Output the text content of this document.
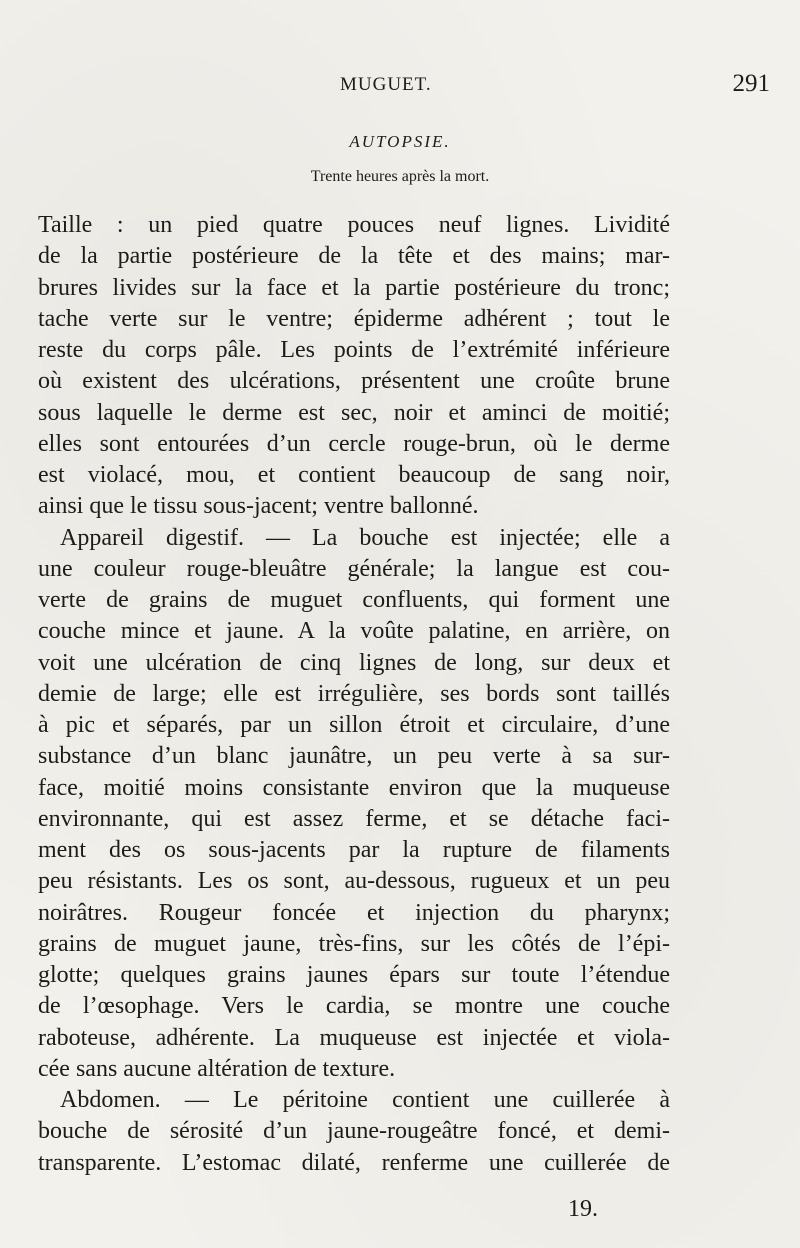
MUGUET.	291
AUTOPSIE.
Trente heures après la mort.
Taille : un pied quatre pouces neuf lignes. Lividité
de la partie postérieure de la tête et des mains; mar-
brures livides sur la face et la partie postérieure du tronc;
tache verte sur le ventre; épiderme adhérent ; tout le
reste du corps pâle. Les points de l’extrémité inférieure
où existent des ulcérations, présentent une croûte brune
sous laquelle le derme est sec, noir et aminci de moitié;
elles sont entourées d’un cercle rouge-brun, où le derme
est violacé, mou, et contient beaucoup de sang noir,
ainsi que le tissu sous-jacent; ventre ballonné.
Appareil digestif. — La bouche est injectée; elle a
une couleur rouge-bleuâtre générale; la langue est cou-
verte de grains de muguet confluents, qui forment une
couche mince et jaune. A la voûte palatine, en arrière, on
voit une ulcération de cinq lignes de long, sur deux et
demie de large; elle est irrégulière, ses bords sont taillés
à pic et séparés, par un sillon étroit et circulaire, d’une
substance d’un blanc jaunâtre, un peu verte à sa sur-
face, moitié moins consistante environ que la muqueuse
environnante, qui est assez ferme, et se détache faci-
ment des os sous-jacents par la rupture de filaments
peu résistants. Les os sont, au-dessous, rugueux et un peu
noirâtres. Rougeur foncée et injection du pharynx;
grains de muguet jaune, très-fins, sur les côtés de l’épi-
glotte; quelques grains jaunes épars sur toute l’étendue
de l’œsophage. Vers le cardia, se montre une couche
raboteuse, adhérente. La muqueuse est injectée et viola-
cée sans aucune altération de texture.
Abdomen. — Le péritoine contient une cuillerée à
bouche de sérosité d’un jaune-rougeâtre foncé, et demi-
transparente. L’estomac dilaté, renferme une cuillerée de
19.
